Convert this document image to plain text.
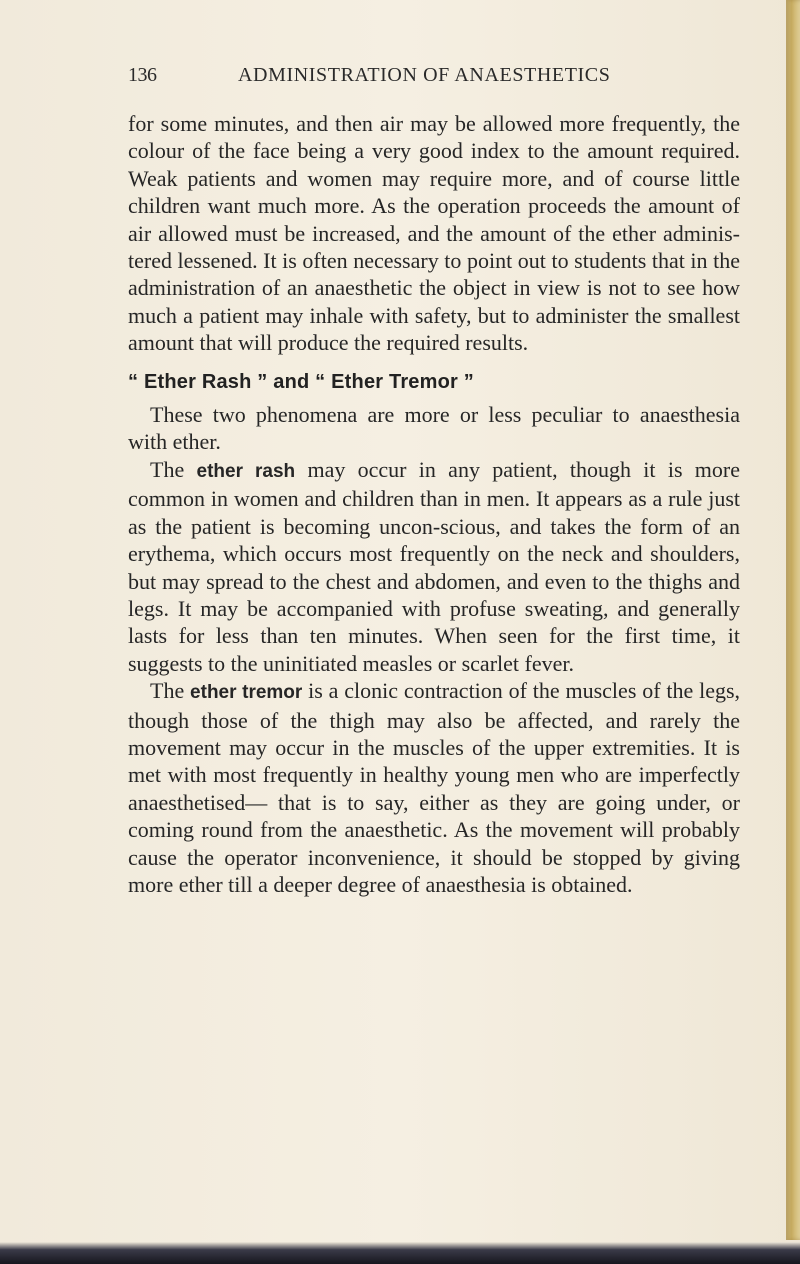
136	ADMINISTRATION OF ANAESTHETICS

for some minutes, and then air may be allowed more frequently, the colour of the face being a very good index to the amount required. Weak patients and women may require more, and of course little children want much more. As the operation proceeds the amount of air allowed must be increased, and the amount of the ether adminis-tered lessened. It is often necessary to point out to students that in the administration of an anaesthetic the object in view is not to see how much a patient may inhale with safety, but to administer the smallest amount that will produce the required results.

“ Ether Rash ” and “ Ether Tremor ”

These two phenomena are more or less peculiar to anaesthesia with ether.

The ether rash may occur in any patient, though it is more common in women and children than in men. It appears as a rule just as the patient is becoming uncon-scious, and takes the form of an erythema, which occurs most frequently on the neck and shoulders, but may spread to the chest and abdomen, and even to the thighs and legs. It may be accompanied with profuse sweating, and generally lasts for less than ten minutes. When seen for the first time, it suggests to the uninitiated measles or scarlet fever.

The ether tremor is a clonic contraction of the muscles of the legs, though those of the thigh may also be affected, and rarely the movement may occur in the muscles of the upper extremities. It is met with most frequently in healthy young men who are imperfectly anaesthetised— that is to say, either as they are going under, or coming round from the anaesthetic. As the movement will probably cause the operator inconvenience, it should be stopped by giving more ether till a deeper degree of anaesthesia is obtained.
